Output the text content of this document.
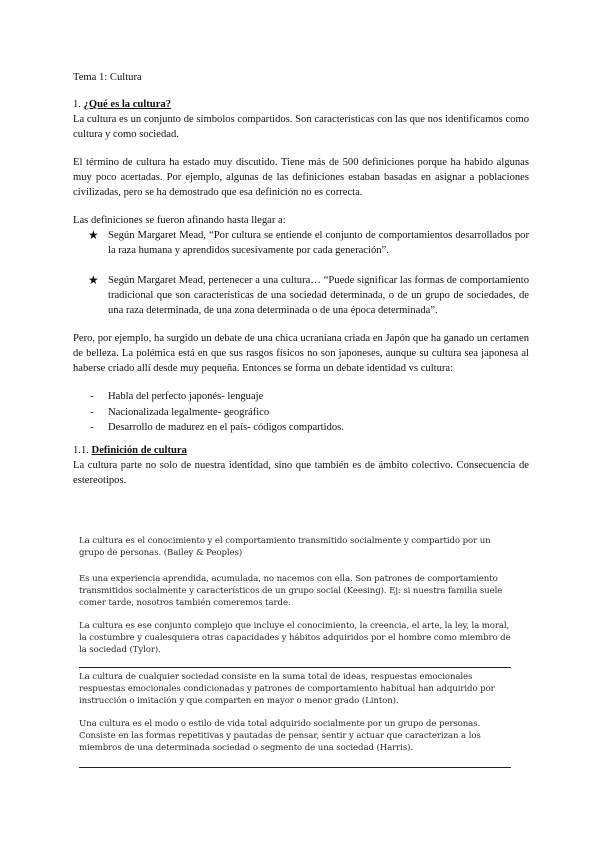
Tema 1: Cultura

1. ¿Qué es la cultura?

La cultura es un conjunto de símbolos compartidos. Son características con las que nos identificamos como cultura y como sociedad.

El término de cultura ha estado muy discutido. Tiene más de 500 definiciones porque ha habido algunas muy poco acertadas. Por ejemplo, algunas de las definiciones estaban basadas en asignar a poblaciones civilizadas, pero se ha demostrado que esa definición no es correcta.

Las definiciones se fueron afinando hasta llegar a:

★ Según Margaret Mead, “Por cultura se entiende el conjunto de comportamientos desarrollados por la raza humana y aprendidos sucesivamente por cada generación”.
★ Según Margaret Mead, pertenecer a una cultura… “Puede significar las formas de comportamiento tradicional que son características de una sociedad determinada, o de un grupo de sociedades, de una raza determinada, de una zona determinada o de una época determinada”.

Pero, por ejemplo, ha surgido un debate de una chica ucraniana criada en Japón que ha ganado un certamen de belleza. La polémica está en que sus rasgos físicos no son japoneses, aunque su cultura sea japonesa al haberse criado allí desde muy pequeña. Entonces se forma un debate identidad vs cultura:

- Habla del perfecto japonés- lenguaje
- Nacionalizada legalmente- geográfico
- Desarrollo de madurez en el país- códigos compartidos.

1.1. Definición de cultura

La cultura parte no solo de nuestra identidad, sino que también es de ámbito colectivo. Consecuencia de estereotipos.

La cultura es el conocimiento y el comportamiento transmitido socialmente y compartido por un grupo de personas. (Bailey & Peoples)

Es una experiencia aprendida, acumulada, no nacemos con ella. Son patrones de comportamiento transmitidos socialmente y característicos de un grupo social (Keesing). Ej: si nuestra familia suele comer tarde, nosotros también comeremos tarde.

La cultura es ese conjunto complejo que incluye el conocimiento, la creencia, el arte, la ley, la moral, la costumbre y cualesquiera otras capacidades y hábitos adquiridos por el hombre como miembro de la sociedad (Tylor).

La cultura de cualquier sociedad consiste en la suma total de ideas, respuestas emocionales respuestas emocionales condicionadas y patrones de comportamiento habitual han adquirido por instrucción o imitación y que comparten en mayor o menor grado (Linton).

Una cultura es el modo o estilo de vida total adquirido socialmente por un grupo de personas. Consiste en las formas repetitivas y pautadas de pensar, sentir y actuar que caracterizan a los miembros de una determinada sociedad o segmento de una sociedad (Harris).
